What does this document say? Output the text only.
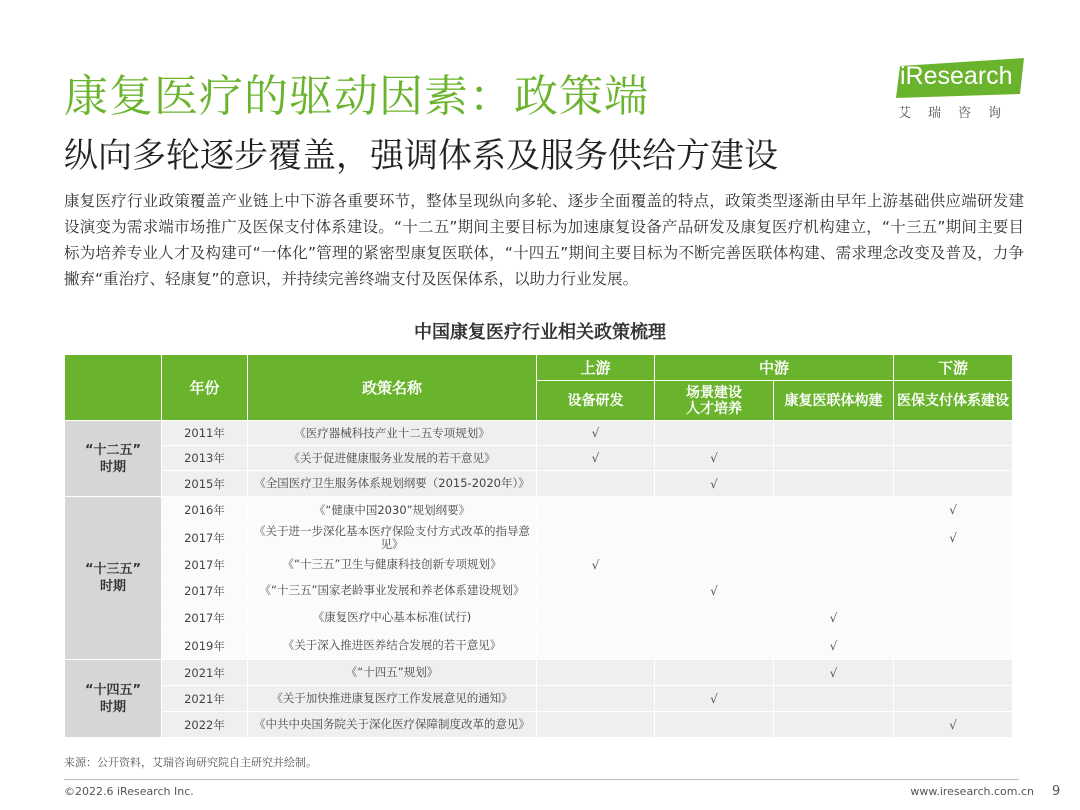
康复医疗的驱动因素：政策端
纵向多轮逐步覆盖，强调体系及服务供给方建设
iResearch
艾瑞咨询
康复医疗行业政策覆盖产业链上中下游各重要环节，整体呈现纵向多轮、逐步全面覆盖的特点，政策类型逐渐由早年上游基础供应端研发建设演变为需求端市场推广及医保支付体系建设。“十二五”期间主要目标为加速康复设备产品研发及康复医疗机构建立，“十三五”期间主要目标为培养专业人才及构建可“一体化”管理的紧密型康复医联体，“十四五”期间主要目标为不断完善医联体构建、需求理念改变及普及，力争撇弃“重治疗、轻康复”的意识，并持续完善终端支付及医保体系，以助力行业发展。
中国康复医疗行业相关政策梳理
	年份	政策名称	上游	中游		下游
			设备研发	场景建设
人才培养	康复医联体构建	医保支付体系建设
“十二五”
时期	2011年	《医疗器械科技产业十二五专项规划》	√			
	2013年	《关于促进健康服务业发展的若干意见》	√	√		
	2015年	《全国医疗卫生服务体系规划纲要（2015-2020年）》		√		
“十三五”
时期	2016年	《“健康中国2030”规划纲要》				√
	2017年	《关于进一步深化基本医疗保险支付方式改革的指导意见》				√
	2017年	《“十三五”卫生与健康科技创新专项规划》	√			
	2017年	《“十三五”国家老龄事业发展和养老体系建设规划》		√		
	2017年	《康复医疗中心基本标准(试行)			√	
	2019年	《关于深入推进医养结合发展的若干意见》			√	
“十四五”
时期	2021年	《“十四五”规划》			√	
	2021年	《关于加快推进康复医疗工作发展意见的通知》		√		
	2022年	《中共中央国务院关于深化医疗保障制度改革的意见》				√
来源：公开资料，艾瑞咨询研究院自主研究并绘制。
©2022.6 iResearch Inc.	www.iresearch.com.cn 9
